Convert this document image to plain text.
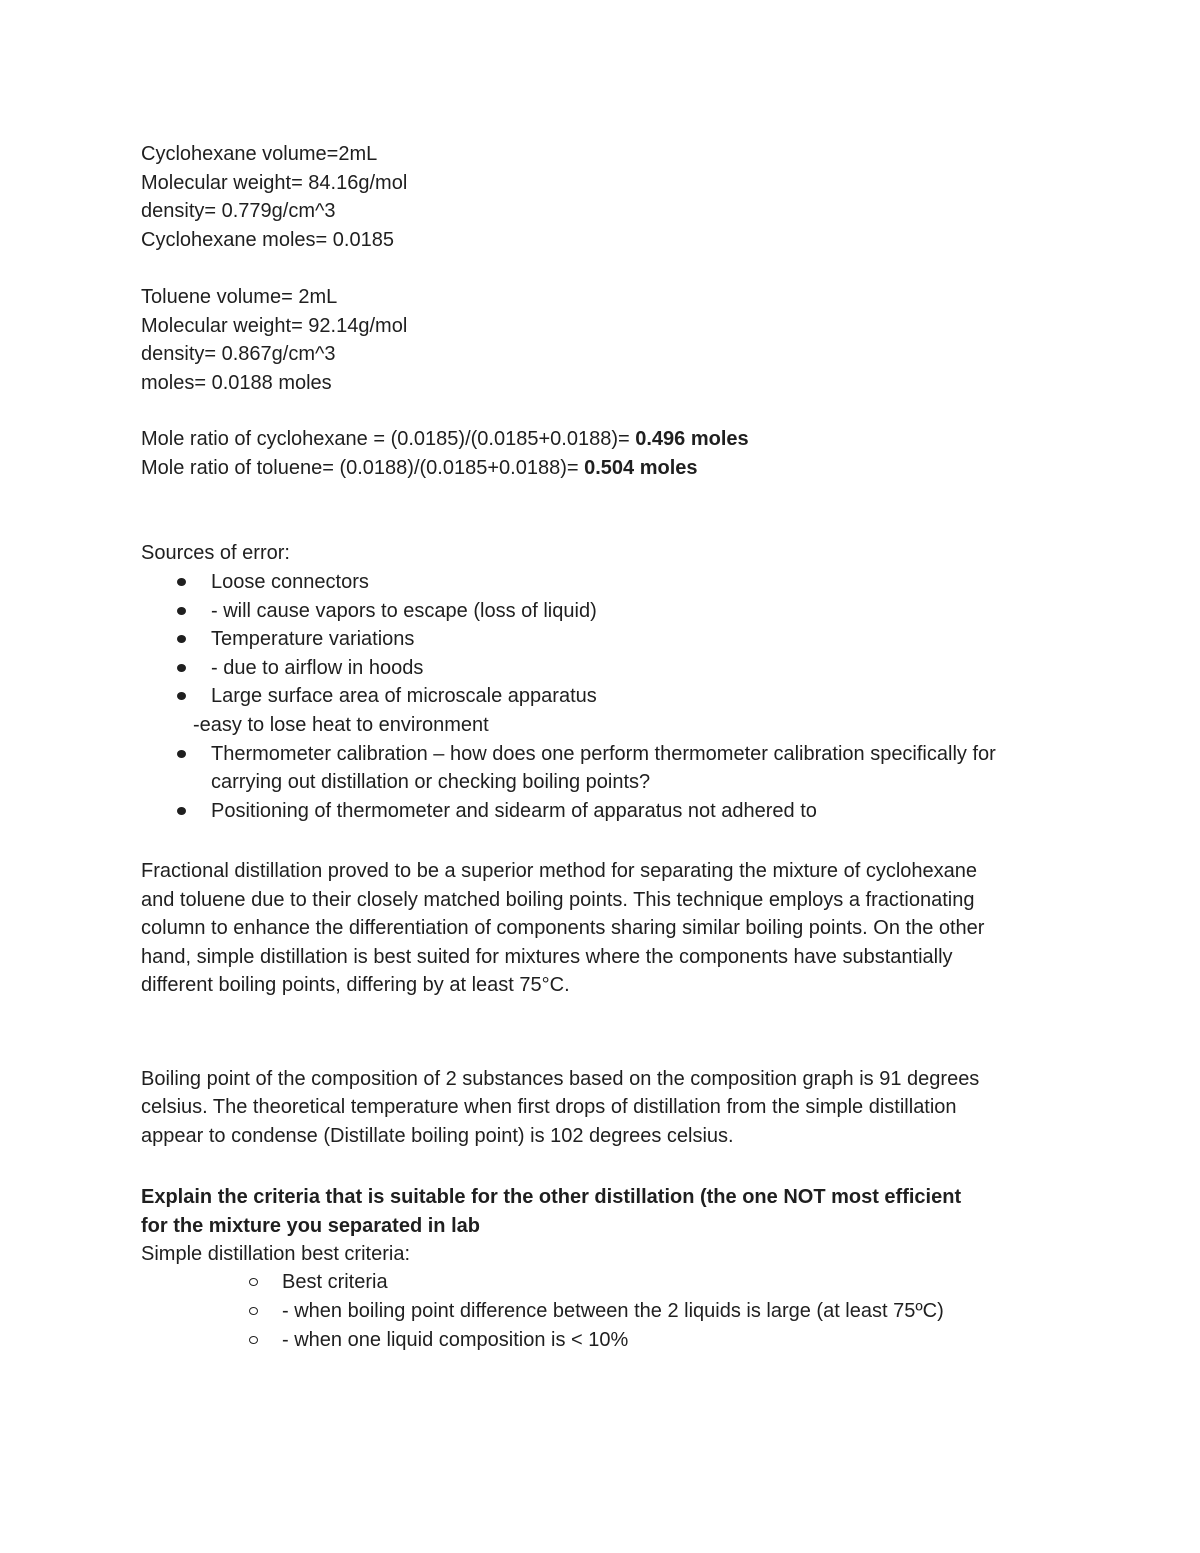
Cyclohexane volume=2mL
Molecular weight= 84.16g/mol
density= 0.779g/cm^3
Cyclohexane moles= 0.0185
Toluene volume= 2mL
Molecular weight= 92.14g/mol
density= 0.867g/cm^3
moles= 0.0188 moles
Mole ratio of cyclohexane = (0.0185)/(0.0185+0.0188)= 0.496 moles
Mole ratio of toluene= (0.0188)/(0.0185+0.0188)= 0.504 moles
Sources of error:
Loose connectors
- will cause vapors to escape (loss of liquid)
Temperature variations
- due to airflow in hoods
Large surface area of microscale apparatus
-easy to lose heat to environment
Thermometer calibration – how does one perform thermometer calibration specifically for
carrying out distillation or checking boiling points?
Positioning of thermometer and sidearm of apparatus not adhered to
Fractional distillation proved to be a superior method for separating the mixture of cyclohexane
and toluene due to their closely matched boiling points. This technique employs a fractionating
column to enhance the differentiation of components sharing similar boiling points. On the other
hand, simple distillation is best suited for mixtures where the components have substantially
different boiling points, differing by at least 75°C.
Boiling point of the composition of 2 substances based on the composition graph is 91 degrees
celsius. The theoretical temperature when first drops of distillation from the simple distillation
appear to condense (Distillate boiling point) is 102 degrees celsius.
Explain the criteria that is suitable for the other distillation (the one NOT most efficient
for the mixture you separated in lab
Simple distillation best criteria:
Best criteria
- when boiling point difference between the 2 liquids is large (at least 75ºC)
- when one liquid composition is < 10%
